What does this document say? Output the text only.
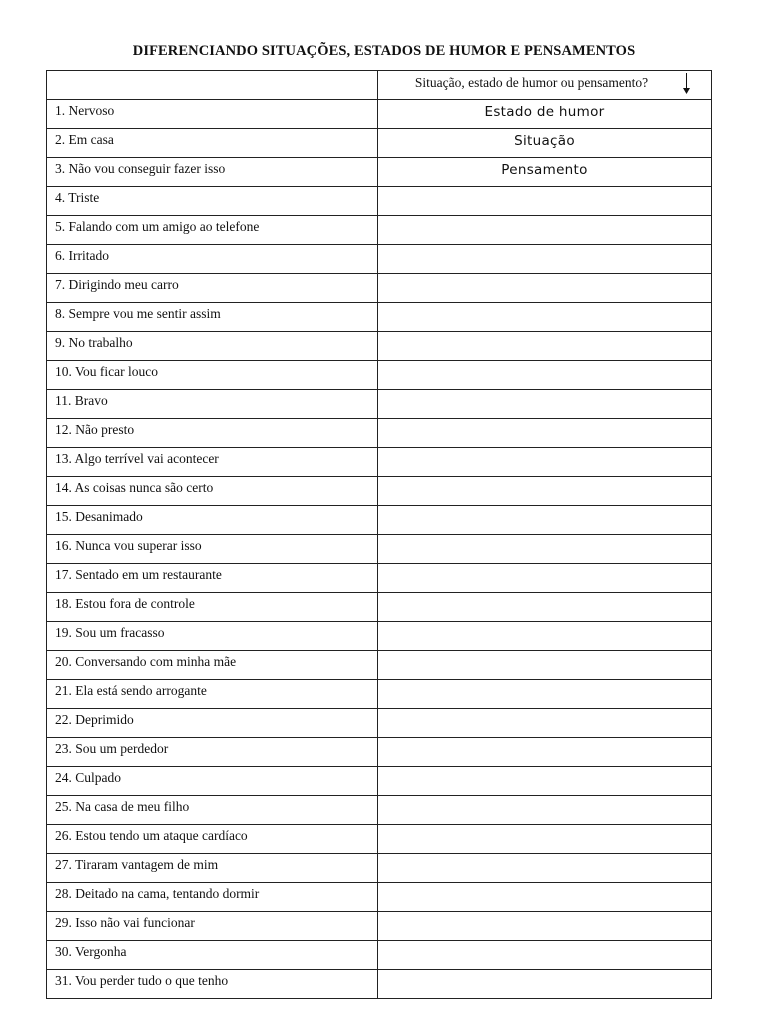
DIFERENCIANDO SITUAÇÕES, ESTADOS DE HUMOR E PENSAMENTOS
	Situação, estado de humor ou pensamento?

1. Nervoso	Estado de humor
2. Em casa	Situação
3. Não vou conseguir fazer isso	Pensamento
4. Triste	
5. Falando com um amigo ao telefone	
6. Irritado	
7. Dirigindo meu carro	
8. Sempre vou me sentir assim	
9. No trabalho	
10. Vou ficar louco	
11. Bravo	
12. Não presto	
13. Algo terrível vai acontecer	
14. As coisas nunca são certo	
15. Desanimado	
16. Nunca vou superar isso	
17. Sentado em um restaurante	
18. Estou fora de controle	
19. Sou um fracasso	
20. Conversando com minha mãe	
21. Ela está sendo arrogante	
22. Deprimido	
23. Sou um perdedor	
24. Culpado	
25. Na casa de meu filho	
26. Estou tendo um ataque cardíaco	
27. Tiraram vantagem de mim	
28. Deitado na cama, tentando dormir	
29. Isso não vai funcionar	
30. Vergonha	
31. Vou perder tudo o que tenho	
